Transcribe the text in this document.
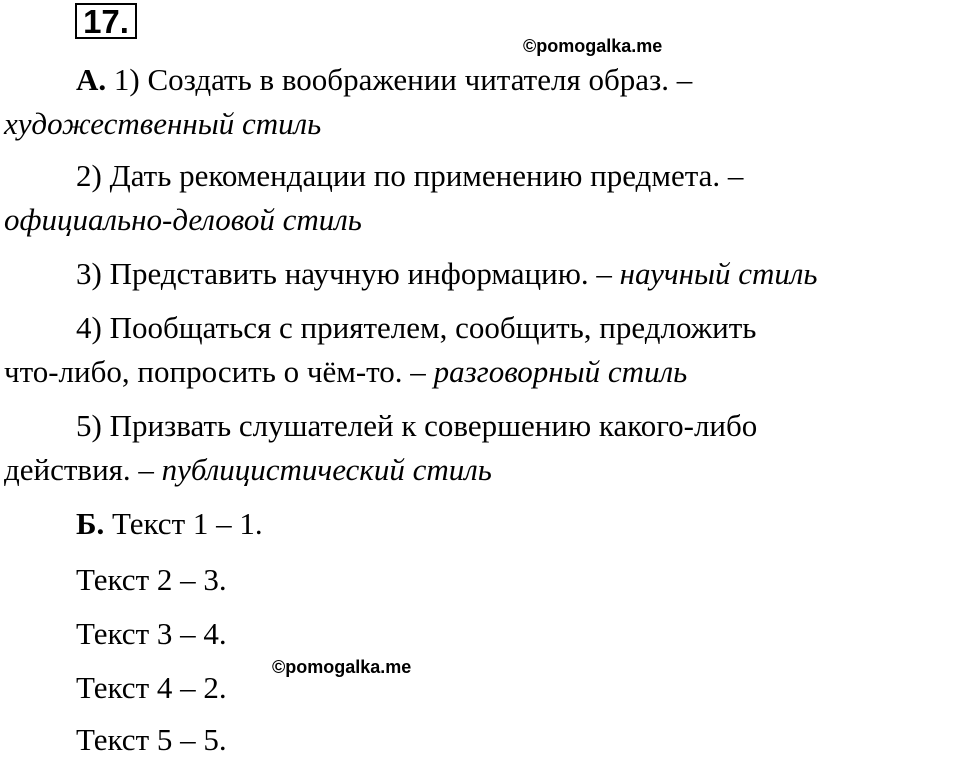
17.
©pomogalka.me
А. 1) Создать в воображении читателя образ. –
художественный стиль
2) Дать рекомендации по применению предмета. –
официально-деловой стиль
3) Представить научную информацию. – научный стиль
4) Пообщаться с приятелем, сообщить, предложить
что-либо, попросить о чём-то. – разговорный стиль
5) Призвать слушателей к совершению какого-либо
действия. – публицистический стиль
Б. Текст 1 – 1.
Текст 2 – 3.
Текст 3 – 4.
Текст 4 – 2.
Текст 5 – 5.
©pomogalka.me
